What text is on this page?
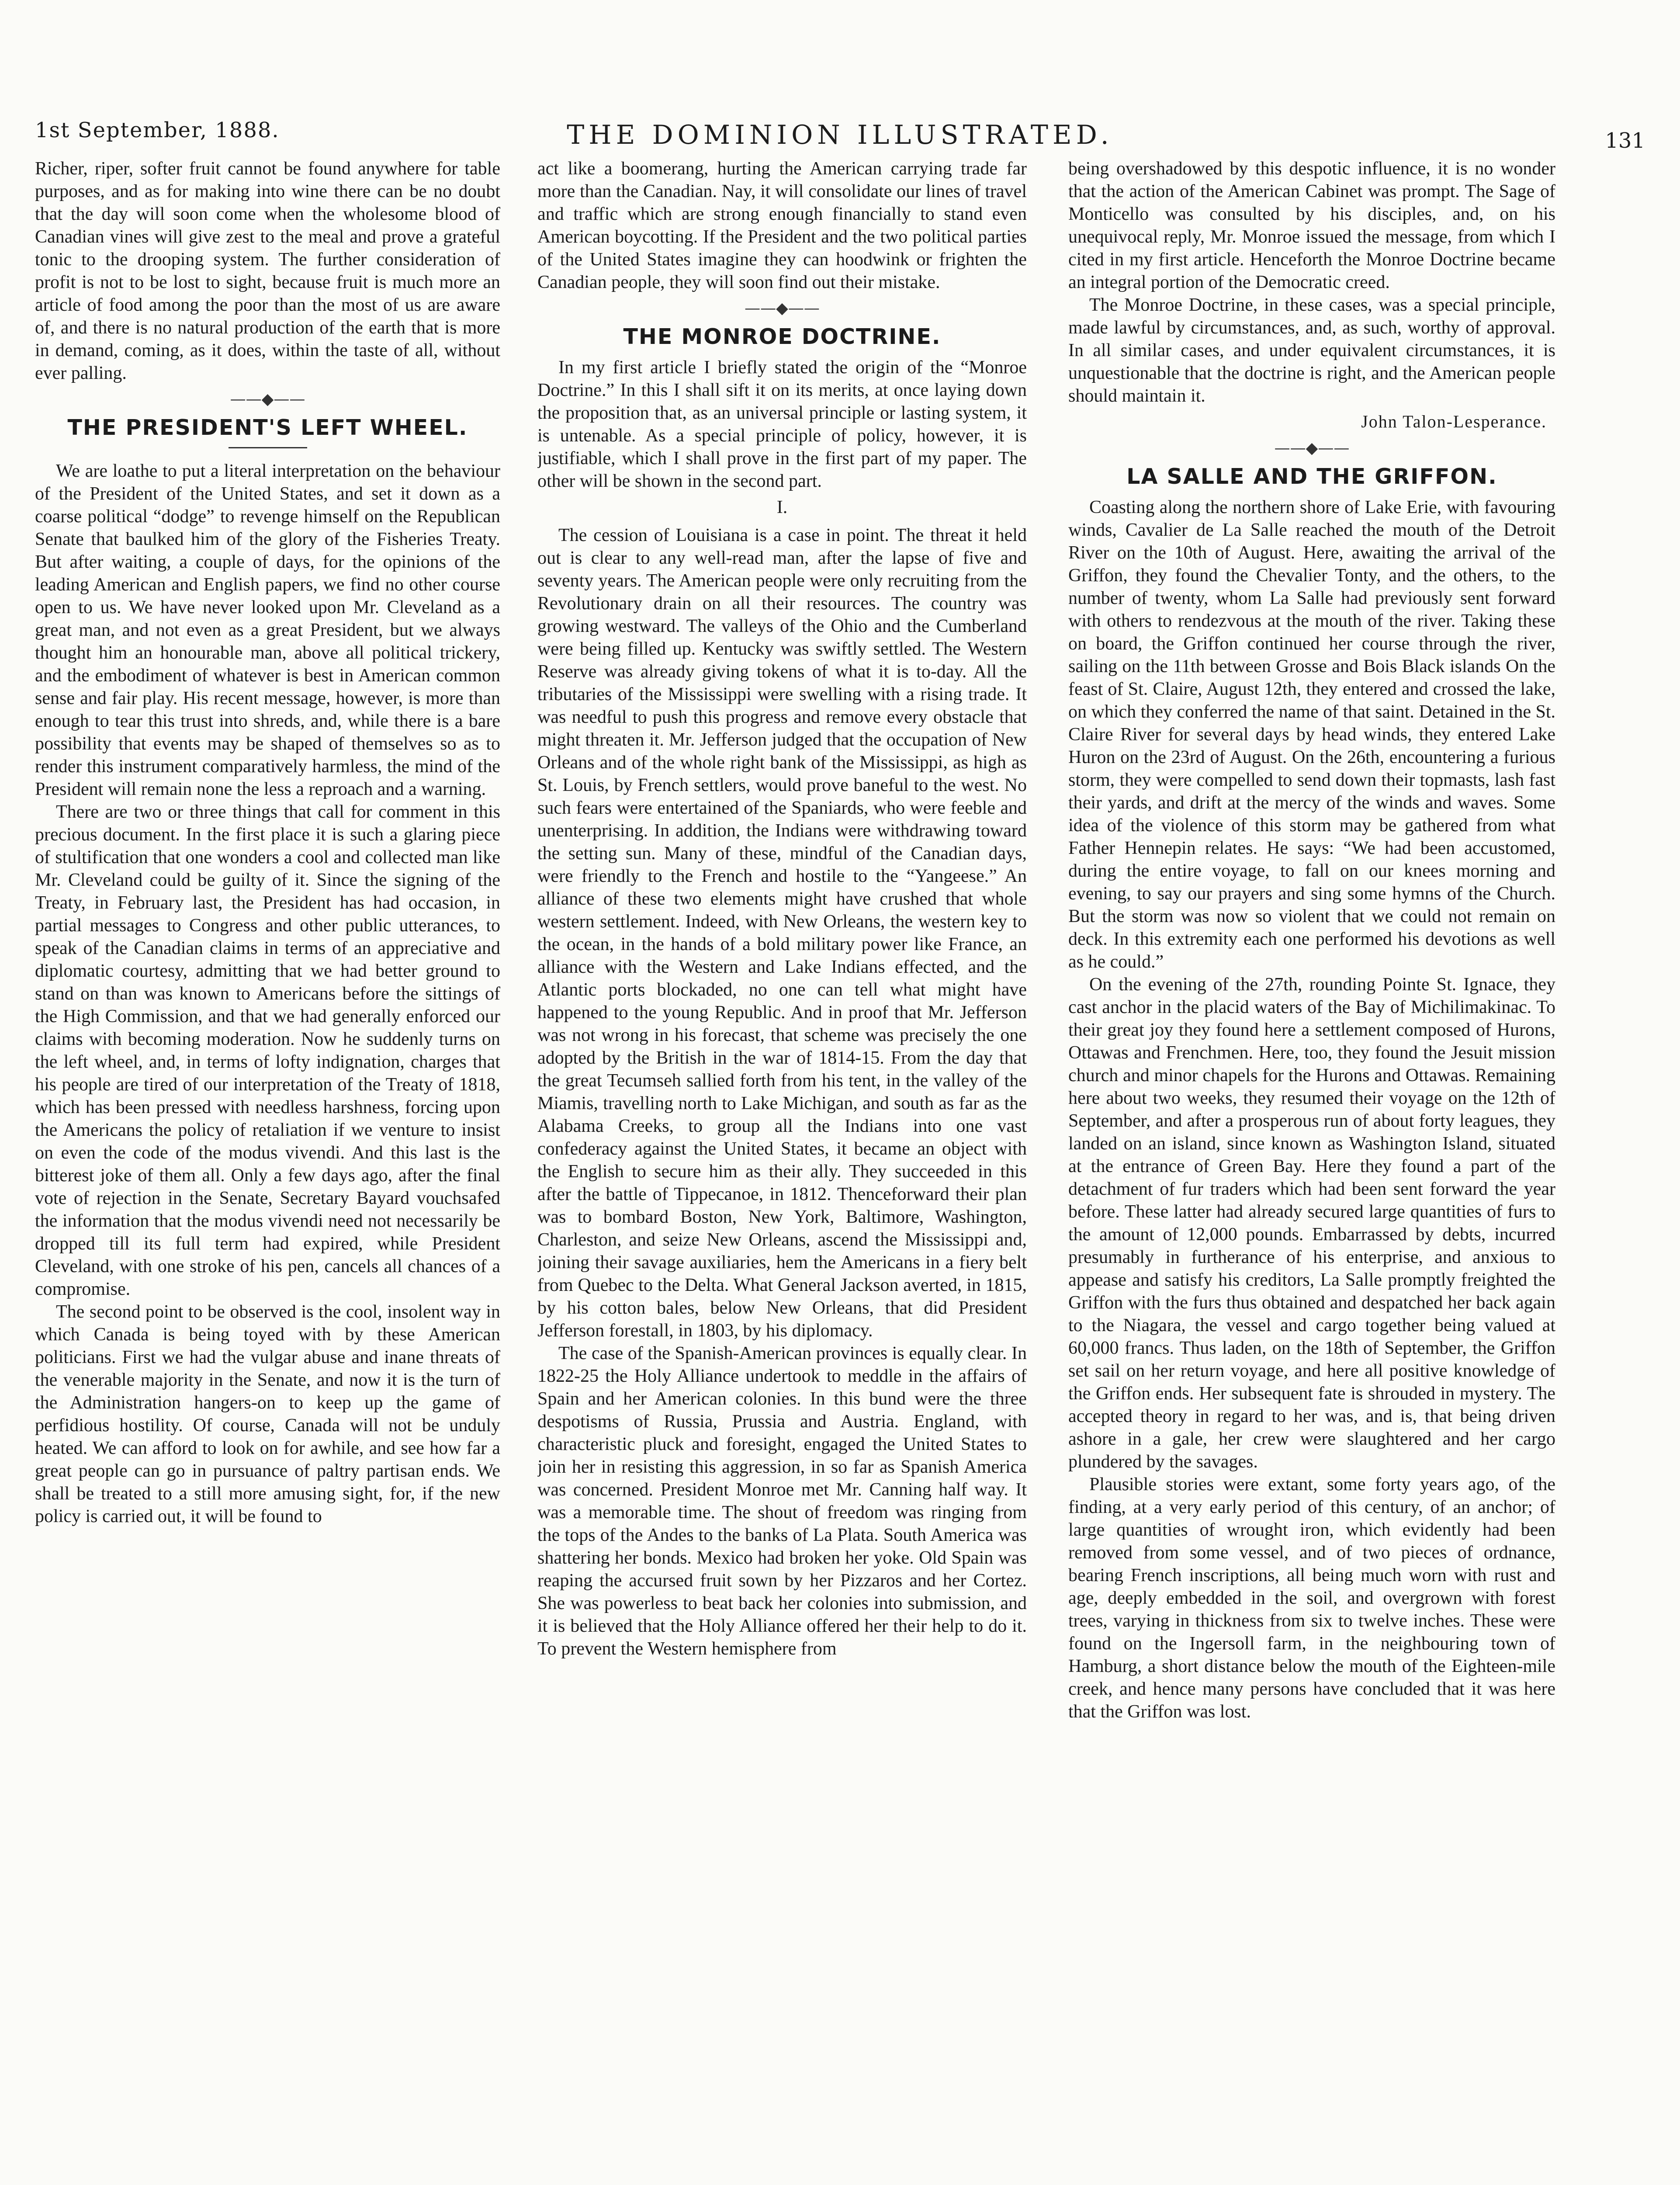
1st September, 1888.	THE DOMINION ILLUSTRATED.	131

Richer, riper, softer fruit cannot be found anywhere for table purposes, and as for making into wine there can be no doubt that the day will soon come when the wholesome blood of Canadian vines will give zest to the meal and prove a grateful tonic to the drooping system. The further consideration of profit is not to be lost to sight, because fruit is much more an article of food among the poor than the most of us are aware of, and there is no natural production of the earth that is more in demand, coming, as it does, within the taste of all, without ever palling.

——◆——
THE PRESIDENT'S LEFT WHEEL.

We are loathe to put a literal interpretation on the behaviour of the President of the United States, and set it down as a coarse political “dodge” to revenge himself on the Republican Senate that baulked him of the glory of the Fisheries Treaty. But after waiting, a couple of days, for the opinions of the leading American and English papers, we find no other course open to us. We have never looked upon Mr. Cleveland as a great man, and not even as a great President, but we always thought him an honourable man, above all political trickery, and the embodiment of whatever is best in American common sense and fair play. His recent message, however, is more than enough to tear this trust into shreds, and, while there is a bare possibility that events may be shaped of themselves so as to render this instrument comparatively harmless, the mind of the President will remain none the less a reproach and a warning.

There are two or three things that call for comment in this precious document. In the first place it is such a glaring piece of stultification that one wonders a cool and collected man like Mr. Cleveland could be guilty of it. Since the signing of the Treaty, in February last, the President has had occasion, in partial messages to Congress and other public utterances, to speak of the Canadian claims in terms of an appreciative and diplomatic courtesy, admitting that we had better ground to stand on than was known to Americans before the sittings of the High Commission, and that we had generally enforced our claims with becoming moderation. Now he suddenly turns on the left wheel, and, in terms of lofty indignation, charges that his people are tired of our interpretation of the Treaty of 1818, which has been pressed with needless harshness, forcing upon the Americans the policy of retaliation if we venture to insist on even the code of the modus vivendi. And this last is the bitterest joke of them all. Only a few days ago, after the final vote of rejection in the Senate, Secretary Bayard vouchsafed the information that the modus vivendi need not necessarily be dropped till its full term had expired, while President Cleveland, with one stroke of his pen, cancels all chances of a compromise.

The second point to be observed is the cool, insolent way in which Canada is being toyed with by these American politicians. First we had the vulgar abuse and inane threats of the venerable majority in the Senate, and now it is the turn of the Administration hangers-on to keep up the game of perfidious hostility. Of course, Canada will not be unduly heated. We can afford to look on for awhile, and see how far a great people can go in pursuance of paltry partisan ends. We shall be treated to a still more amusing sight, for, if the new policy is carried out, it will be found to

act like a boomerang, hurting the American carrying trade far more than the Canadian. Nay, it will consolidate our lines of travel and traffic which are strong enough financially to stand even American boycotting. If the President and the two political parties of the United States imagine they can hoodwink or frighten the Canadian people, they will soon find out their mistake.

——◆——
THE MONROE DOCTRINE.

In my first article I briefly stated the origin of the “Monroe Doctrine.” In this I shall sift it on its merits, at once laying down the proposition that, as an universal principle or lasting system, it is untenable. As a special principle of policy, however, it is justifiable, which I shall prove in the first part of my paper. The other will be shown in the second part.

I.

The cession of Louisiana is a case in point. The threat it held out is clear to any well-read man, after the lapse of five and seventy years. The American people were only recruiting from the Revolutionary drain on all their resources. The country was growing westward. The valleys of the Ohio and the Cumberland were being filled up. Kentucky was swiftly settled. The Western Reserve was already giving tokens of what it is to-day. All the tributaries of the Mississippi were swelling with a rising trade. It was needful to push this progress and remove every obstacle that might threaten it. Mr. Jefferson judged that the occupation of New Orleans and of the whole right bank of the Mississippi, as high as St. Louis, by French settlers, would prove baneful to the west. No such fears were entertained of the Spaniards, who were feeble and unenterprising. In addition, the Indians were withdrawing toward the setting sun. Many of these, mindful of the Canadian days, were friendly to the French and hostile to the “Yangeese.” An alliance of these two elements might have crushed that whole western settlement. Indeed, with New Orleans, the western key to the ocean, in the hands of a bold military power like France, an alliance with the Western and Lake Indians effected, and the Atlantic ports blockaded, no one can tell what might have happened to the young Republic. And in proof that Mr. Jefferson was not wrong in his forecast, that scheme was precisely the one adopted by the British in the war of 1814-15. From the day that the great Tecumseh sallied forth from his tent, in the valley of the Miamis, travelling north to Lake Michigan, and south as far as the Alabama Creeks, to group all the Indians into one vast confederacy against the United States, it became an object with the English to secure him as their ally. They succeeded in this after the battle of Tippecanoe, in 1812. Thenceforward their plan was to bombard Boston, New York, Baltimore, Washington, Charleston, and seize New Orleans, ascend the Mississippi and, joining their savage auxiliaries, hem the Americans in a fiery belt from Quebec to the Delta. What General Jackson averted, in 1815, by his cotton bales, below New Orleans, that did President Jefferson forestall, in 1803, by his diplomacy.

The case of the Spanish-American provinces is equally clear. In 1822-25 the Holy Alliance undertook to meddle in the affairs of Spain and her American colonies. In this bund were the three despotisms of Russia, Prussia and Austria. England, with characteristic pluck and foresight, engaged the United States to join her in resisting this aggression, in so far as Spanish America was concerned. President Monroe met Mr. Canning half way. It was a memorable time. The shout of freedom was ringing from the tops of the Andes to the banks of La Plata. South America was shattering her bonds. Mexico had broken her yoke. Old Spain was reaping the accursed fruit sown by her Pizzaros and her Cortez. She was powerless to beat back her colonies into submission, and it is believed that the Holy Alliance offered her their help to do it. To prevent the Western hemisphere from

being overshadowed by this despotic influence, it is no wonder that the action of the American Cabinet was prompt. The Sage of Monticello was consulted by his disciples, and, on his unequivocal reply, Mr. Monroe issued the message, from which I cited in my first article. Henceforth the Monroe Doctrine became an integral portion of the Democratic creed.

The Monroe Doctrine, in these cases, was a special principle, made lawful by circumstances, and, as such, worthy of approval. In all similar cases, and under equivalent circumstances, it is unquestionable that the doctrine is right, and the American people should maintain it.

John Talon-Lesperance.
——◆——
LA SALLE AND THE GRIFFON.

Coasting along the northern shore of Lake Erie, with favouring winds, Cavalier de La Salle reached the mouth of the Detroit River on the 10th of August. Here, awaiting the arrival of the Griffon, they found the Chevalier Tonty, and the others, to the number of twenty, whom La Salle had previously sent forward with others to rendezvous at the mouth of the river. Taking these on board, the Griffon continued her course through the river, sailing on the 11th between Grosse and Bois Black islands On the feast of St. Claire, August 12th, they entered and crossed the lake, on which they conferred the name of that saint. Detained in the St. Claire River for several days by head winds, they entered Lake Huron on the 23rd of August. On the 26th, encountering a furious storm, they were compelled to send down their topmasts, lash fast their yards, and drift at the mercy of the winds and waves. Some idea of the violence of this storm may be gathered from what Father Hennepin relates. He says: “We had been accustomed, during the entire voyage, to fall on our knees morning and evening, to say our prayers and sing some hymns of the Church. But the storm was now so violent that we could not remain on deck. In this extremity each one performed his devotions as well as he could.”

On the evening of the 27th, rounding Pointe St. Ignace, they cast anchor in the placid waters of the Bay of Michilimakinac. To their great joy they found here a settlement composed of Hurons, Ottawas and Frenchmen. Here, too, they found the Jesuit mission church and minor chapels for the Hurons and Ottawas. Remaining here about two weeks, they resumed their voyage on the 12th of September, and after a prosperous run of about forty leagues, they landed on an island, since known as Washington Island, situated at the entrance of Green Bay. Here they found a part of the detachment of fur traders which had been sent forward the year before. These latter had already secured large quantities of furs to the amount of 12,000 pounds. Embarrassed by debts, incurred presumably in furtherance of his enterprise, and anxious to appease and satisfy his creditors, La Salle promptly freighted the Griffon with the furs thus obtained and despatched her back again to the Niagara, the vessel and cargo together being valued at 60,000 francs. Thus laden, on the 18th of September, the Griffon set sail on her return voyage, and here all positive knowledge of the Griffon ends. Her subsequent fate is shrouded in mystery. The accepted theory in regard to her was, and is, that being driven ashore in a gale, her crew were slaughtered and her cargo plundered by the savages.

Plausible stories were extant, some forty years ago, of the finding, at a very early period of this century, of an anchor; of large quantities of wrought iron, which evidently had been removed from some vessel, and of two pieces of ordnance, bearing French inscriptions, all being much worn with rust and age, deeply embedded in the soil, and overgrown with forest trees, varying in thickness from six to twelve inches. These were found on the Ingersoll farm, in the neighbouring town of Hamburg, a short distance below the mouth of the Eighteen-mile creek, and hence many persons have concluded that it was here that the Griffon was lost.
